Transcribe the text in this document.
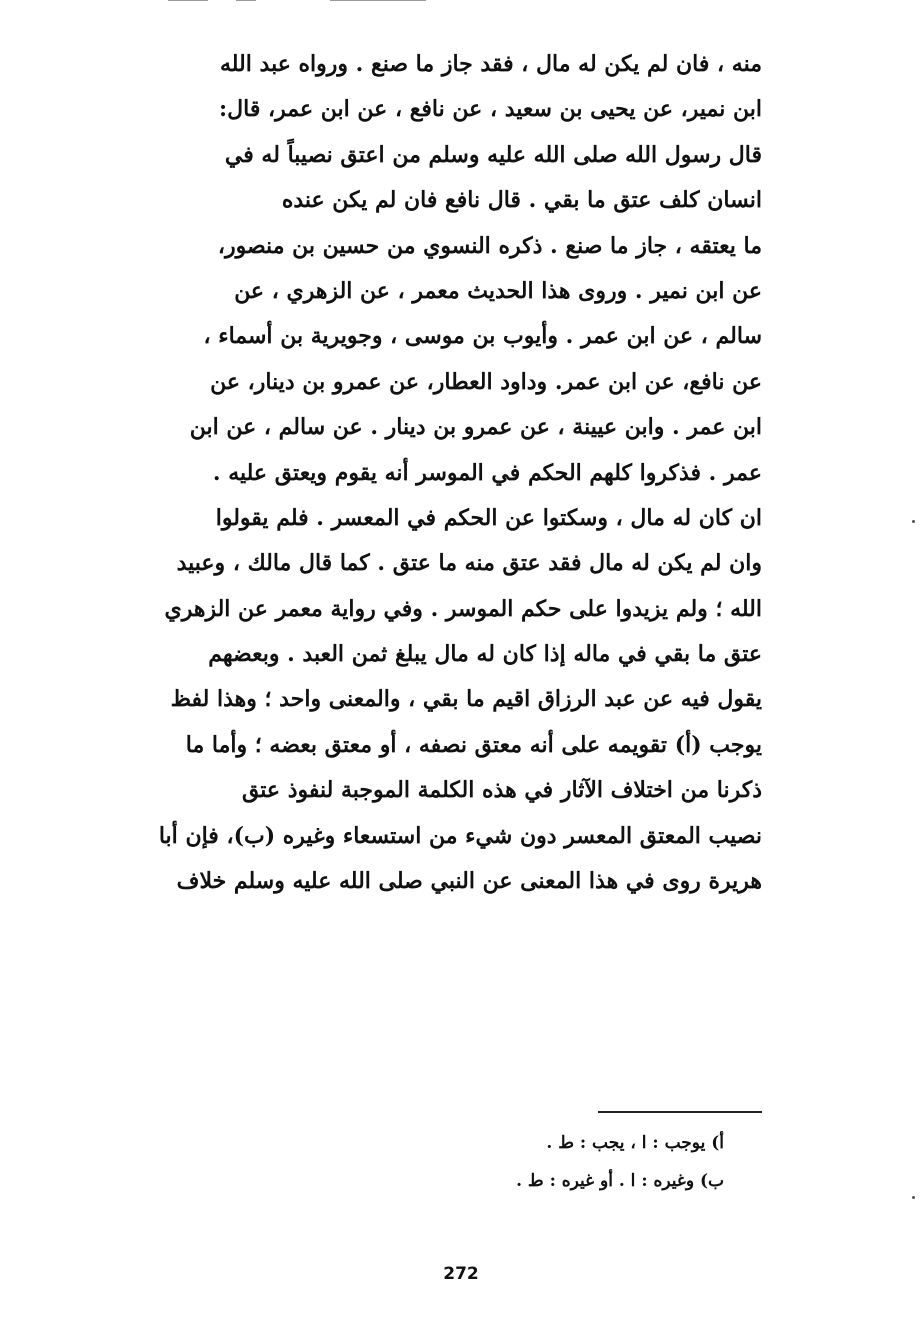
منه ، فان لم يكن له مال ، فقد جاز ما صنع . ورواه عبد الله
ابن نمير، عن يحيى بن سعيد ، عن نافع ، عن ابن عمر، قال:
قال رسول الله صلى الله عليه وسلم من اعتق نصيباً له في
انسان كلف عتق ما بقي . قال نافع فان لم يكن عنده
ما يعتقه ، جاز ما صنع . ذكره النسوي من حسين بن منصور،
عن ابن نمير . وروى هذا الحديث معمر ، عن الزهري ، عن
سالم ، عن ابن عمر . وأيوب بن موسى ، وجويرية بن أسماء ،
عن نافع، عن ابن عمر. وداود العطار، عن عمرو بن دينار، عن
ابن عمر . وابن عيينة ، عن عمرو بن دينار . عن سالم ، عن ابن
عمر . فذكروا كلهم الحكم في الموسر أنه يقوم ويعتق عليه .
ان كان له مال ، وسكتوا عن الحكم في المعسر . فلم يقولوا
وان لم يكن له مال فقد عتق منه ما عتق . كما قال مالك ، وعبيد
الله ؛ ولم يزيدوا على حكم الموسر . وفي رواية معمر عن الزهري
عتق ما بقي في ماله إذا كان له مال يبلغ ثمن العبد . وبعضهم
يقول فيه عن عبد الرزاق اقيم ما بقي ، والمعنى واحد ؛ وهذا لفظ
يوجب (أ) تقويمه على أنه معتق نصفه ، أو معتق بعضه ؛ وأما ما
ذكرنا من اختلاف الآثار في هذه الكلمة الموجبة لنفوذ عتق
نصيب المعتق المعسر دون شيء من استسعاء وغيره (ب)، فإن أبا
هريرة روى في هذا المعنى عن النبي صلى الله عليه وسلم خلاف
أ) يوجب : ا ، يجب : ط .
ب) وغيره : ا . أو غيره : ط .
272
